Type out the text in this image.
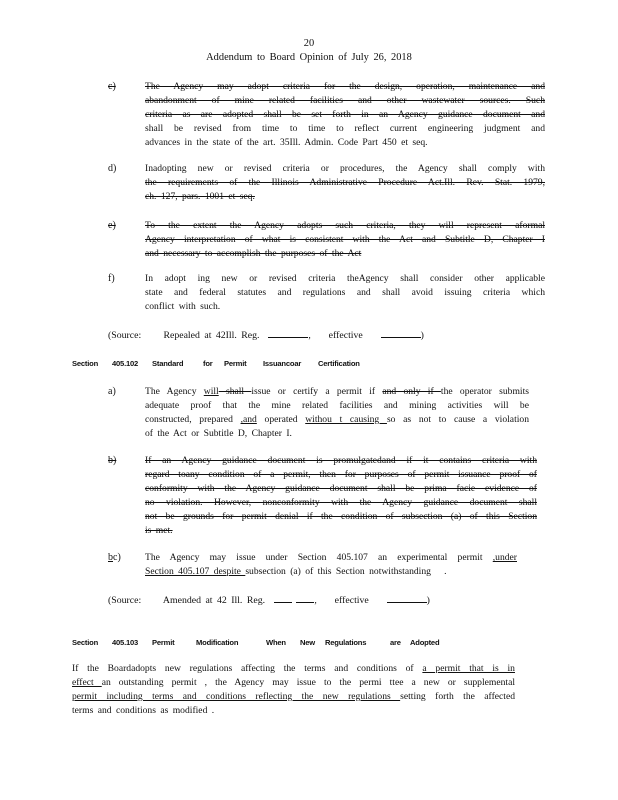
20
Addendum to Board Opinion of July 26, 2018
c)	The Agency may adopt criteria for the design, operation, maintenance and
abandonment of mine related facilities and other wastewater sources. Such
criteria as are adopted shall be set forth in an Agency guidance document and
shall be revised from time to time to reflect current engineering judgment and
advances in the state of the art. 35Ill. Admin. Code Part 450 et seq.
d)	Inadopting new or revised criteria or procedures, the Agency shall comply with
the requirements of the Illinois Administrative Procedure Act.Ill. Rev. Stat. 1979,
ch. 127, pars. 1001 et seq.
e)	To the extent the Agency adopts such criteria, they will represent aformal
Agency interpretation of what is consistent with the Act and Subtitle D, Chapter I
and necessary to accomplish the purposes of the Act
f)	In adopt ing new or revised criteria theAgency shall consider other applicable
state and federal statutes and regulations and shall avoid issuing criteria which
conflict with such.
(Source: Repealed at 42Ill. Reg.	, effective	)
Section 405.102 Standard	for Permit Issuancoar Certification
a)	The Agency will shall issue or certify a permit if and only if the operator submits
adequate proof that the mine related facilities and mining activities will be
constructed, prepared ,and operated withou t causing so as not to cause a violation
of the Act or Subtitle D, Chapter I.
b)	If an Agency guidance document is promulgatedand if it contains criteria with
regard toany condition of a permit, then for purposes of permit issuance proof of
conformity with the Agency guidance document shall be prima facie evidence of
no violation. However, nonconformity with the Agency guidance document shall
not be grounds for permit denial if the condition of subsection (a) of this Section
is met.
bc)	The Agency may issue under Section 405.107 an experimental permit ,under
Section 405.107 despite subsection (a) of this Section notwithstanding .
(Source: Amended at 42 Ill. Reg.	, effective	)
Section 405.103 Permit	Modification	When New Regulations	are Adopted
If the Boardadopts new regulations affecting the terms and conditions of a permit that is in
effect an outstanding permit , the Agency may issue to the permi ttee a new or supplemental
permit including terms and conditions reflecting the new regulations setting forth the affected
terms and conditions as modified .
